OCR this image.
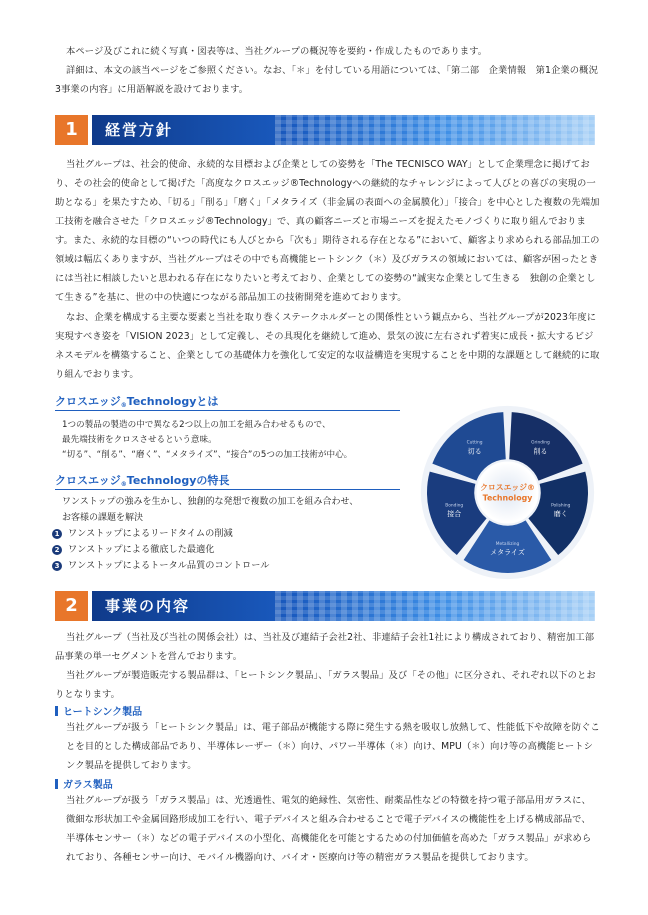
本ページ及びこれに続く写真・図表等は、当社グループの概況等を要約・作成したものであります。

詳細は、本文の該当ページをご参照ください。なお、「＊」を付している用語については、「第二部　企業情報　第1企業の概況　3事業の内容」に用語解説を設けております。

1	経営方針

当社グループは、社会的使命、永続的な目標および企業としての姿勢を「The TECNISCO WAY」として企業理念に掲げており、その社会的使命として掲げた「高度なクロスエッジ®Technologyへの継続的なチャレンジによって人びとの喜びの実現の一助となる」を果たすため、「切る」「削る」「磨く」「メタライズ（非金属の表面への金属膜化）」「接合」を中心とした複数の先端加工技術を融合させた「クロスエッジ®Technology」で、真の顧客ニーズと市場ニーズを捉えたモノづくりに取り組んでおります。また、永続的な目標の“いつの時代にも人びとから「次も」期待される存在となる”において、顧客より求められる部品加工の領域は幅広くありますが、当社グループはその中でも高機能ヒートシンク（＊）及びガラスの領域においては、顧客が困ったときには当社に相談したいと思われる存在になりたいと考えており、企業としての姿勢の“誠実な企業として生きる　独創の企業として生きる”を基に、世の中の快適につながる部品加工の技術開発を進めております。

なお、企業を構成する主要な要素と当社を取り巻くステークホルダーとの関係性という観点から、当社グループが2023年度に実現すべき姿を「VISION 2023」として定義し、その具現化を継続して進め、景気の波に左右されず着実に成長・拡大するビジネスモデルを構築すること、企業としての基礎体力を強化して安定的な収益構造を実現することを中期的な課題として継続的に取り組んでおります。

クロスエッジ®Technologyとは

1つの製品の製造の中で異なる2つ以上の加工を組み合わせるもので、

最先端技術をクロスさせるという意味。

“切る”、“削る”、“磨く”、“メタライズ”、“接合”の5つの加工技術が中心。

クロスエッジ®Technologyの特長

ワンストップの強みを生かし、独創的な発想で複数の加工を組み合わせ、

お客様の課題を解決

1 ワンストップによるリードタイムの削減
2 ワンストップによる徹底した最適化
3 ワンストップによるトータル品質のコントロール
Cutting
切る
Grinding
削る
Polishing
磨く
Metallizing
メタライズ
Bonding
接合
クロスエッジ®
Technology
2	事業の内容

当社グループ（当社及び当社の関係会社）は、当社及び連結子会社2社、非連結子会社1社により構成されており、精密加工部品事業の単一セグメントを営んでおります。

当社グループが製造販売する製品群は、「ヒートシンク製品」、「ガラス製品」及び「その他」に区分され、それぞれ以下のとおりとなります。

ヒートシンク製品

当社グループが扱う「ヒートシンク製品」は、電子部品が機能する際に発生する熱を吸収し放熱して、性能低下や故障を防ぐことを目的とした構成部品であり、半導体レーザー（＊）向け、パワー半導体（＊）向け、MPU（＊）向け等の高機能ヒートシンク製品を提供しております。

ガラス製品

当社グループが扱う「ガラス製品」は、光透過性、電気的絶縁性、気密性、耐薬品性などの特徴を持つ電子部品用ガラスに、微細な形状加工や金属回路形成加工を行い、電子デバイスと組み合わせることで電子デバイスの機能性を上げる構成部品で、半導体センサー（＊）などの電子デバイスの小型化、高機能化を可能とするための付加価値を高めた「ガラス製品」が求められており、各種センサー向け、モバイル機器向け、バイオ・医療向け等の精密ガラス製品を提供しております。
